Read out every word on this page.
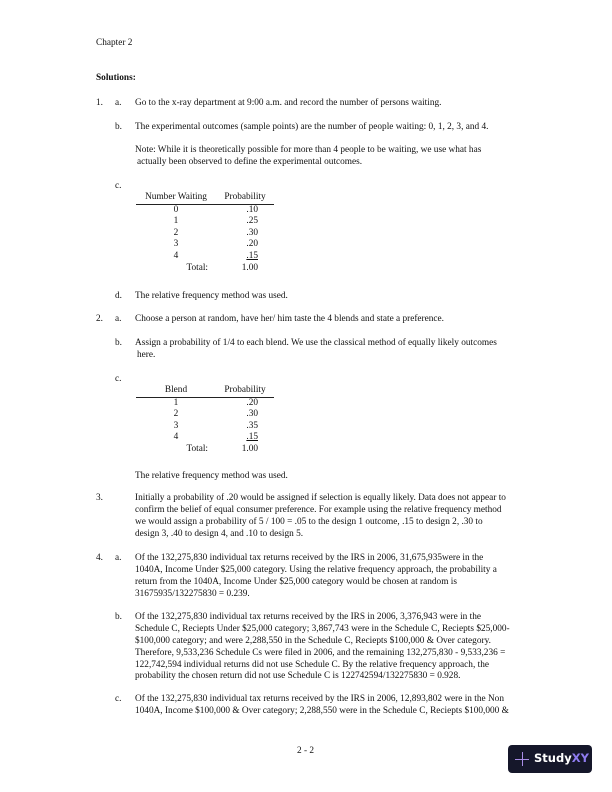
Chapter 2
Solutions:
1. a. Go to the x-ray department at 9:00 a.m. and record the number of persons waiting.
b. The experimental outcomes (sample points) are the number of people waiting: 0, 1, 2, 3, and 4.
Note: While it is theoretically possible for more than 4 people to be waiting, we use what has
actually been observed to define the experimental outcomes.
c.
Number Waiting	Probability
0	.10
1	.25
2	.30
3	.20
4	.15
Total:	1.00
d. The relative frequency method was used.
2. a. Choose a person at random, have her/ him taste the 4 blends and state a preference.
b. Assign a probability of 1/4 to each blend. We use the classical method of equally likely outcomes
here.
c.
Blend	Probability
1	.20
2	.30
3	.35
4	.15
Total:	1.00
The relative frequency method was used.
3.	Initially a probability of .20 would be assigned if selection is equally likely. Data does not appear to
confirm the belief of equal consumer preference. For example using the relative frequency method
we would assign a probability of 5 / 100 = .05 to the design 1 outcome, .15 to design 2, .30 to
design 3, .40 to design 4, and .10 to design 5.
4. a. Of the 132,275,830 individual tax returns received by the IRS in 2006, 31,675,935were in the
1040A, Income Under $25,000 category. Using the relative frequency approach, the probability a
return from the 1040A, Income Under $25,000 category would be chosen at random is
31675935/132275830 = 0.239.
b. Of the 132,275,830 individual tax returns received by the IRS in 2006, 3,376,943 were in the
Schedule C, Reciepts Under $25,000 category; 3,867,743 were in the Schedule C, Reciepts $25,000-
$100,000 category; and were 2,288,550 in the Schedule C, Reciepts $100,000 & Over category.
Therefore, 9,533,236 Schedule Cs were filed in 2006, and the remaining 132,275,830 - 9,533,236 =
122,742,594 individual returns did not use Schedule C. By the relative frequency approach, the
probability the chosen return did not use Schedule C is 122742594/132275830 = 0.928.
c. Of the 132,275,830 individual tax returns received by the IRS in 2006, 12,893,802 were in the Non
1040A, Income $100,000 & Over category; 2,288,550 were in the Schedule C, Reciepts $100,000 &
2 - 2
Study XY
